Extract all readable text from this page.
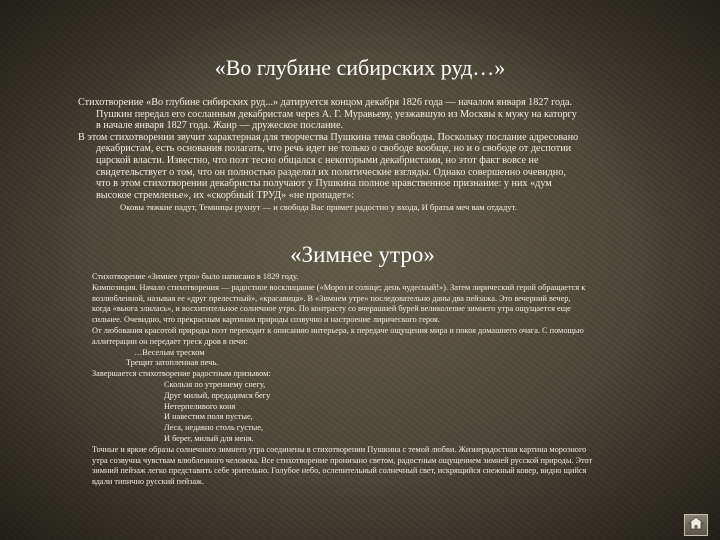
«Во глубине сибирских руд…»

Стихотворение «Во глубине сибирских руд...» датируется концом декабря 1826 года — началом января 1827 года.

Пушкин передал его сосланным декабристам через А. Г. Муравьеву, уезжавшую из Москвы к мужу на каторгу

в начале января 1827 года. Жанр — дружеское послание.

В этом стихотворении звучит характерная для творчества Пушкина тема свободы. Поскольку послание адресовано

декабристам, есть основания полагать, что речь идет не только о свободе вообще, но и о свободе от деспотии

царской власти. Известно, что поэт тесно общался с некоторыми декабристами, но этот факт вовсе не

свидетельствует о том, что он полностью разделял их политические взгляды. Однако совершенно очевидно,

что в этом стихотворении декабристы получают у Пушкина полное нравственное признание: у них «дум

высокое стремленье», их «скорбный ТРУД» «не пропадет»:

Оковы тяжкие падут, Темницы рухнут — и свобода Вас примет радостно у входа, И братья меч вам отдадут.

«Зимнее утро»

Стихотворение «Зимнее утро» было написано в 1829 году.

Композиция. Начало стихотворения — радостное восклицание («Мороз и солнце; день чудесный!»). Затем лирический герой обращается к

возлюбленной, называя ее «друг прелестный», «красавица». В «Зимнем утре» последовательно даны два пейзажа. Это вечерний вечер,

когда «вьюга злилась», и восхитительное солнечное утро. По контрасту со вчерашней бурей великолепие зимнего утра ощущается еще

сильнее. Очевидно, что прекрасным картинам природы созвучно и настроение лирического героя.

От любования красотой природы поэт переходит к описанию интерьера, к передаче ощущения мира и покоя домашнего очага. С помощью

аллитерации он передает треск дров в печи:

…Веселым треском

Трещит затопленная печь.

Завершается стихотворение радостным призывом:

Скользя по утреннему снегу,

Друг милый, предадимся бегу

Нетерпеливого коня

И навестим поля пустые,

Леса, недавно столь густые,

И берег, милый для меня.

Точные и яркие образы солнечного зимнего утра соединены в стихотворении Пушкина с темой любви. Жизнерадостная картина морозного

утра созвучна чувствам влюбленного человека. Все стихотворение пронизано светом, радостным ощущением зимней русской природы. Этот

зимний пейзаж легко представить себе зрительно. Голубое небо, ослепительный солнечный свет, искрящийся снежный ковер, видно щийся

вдали типично русский пейзаж.
